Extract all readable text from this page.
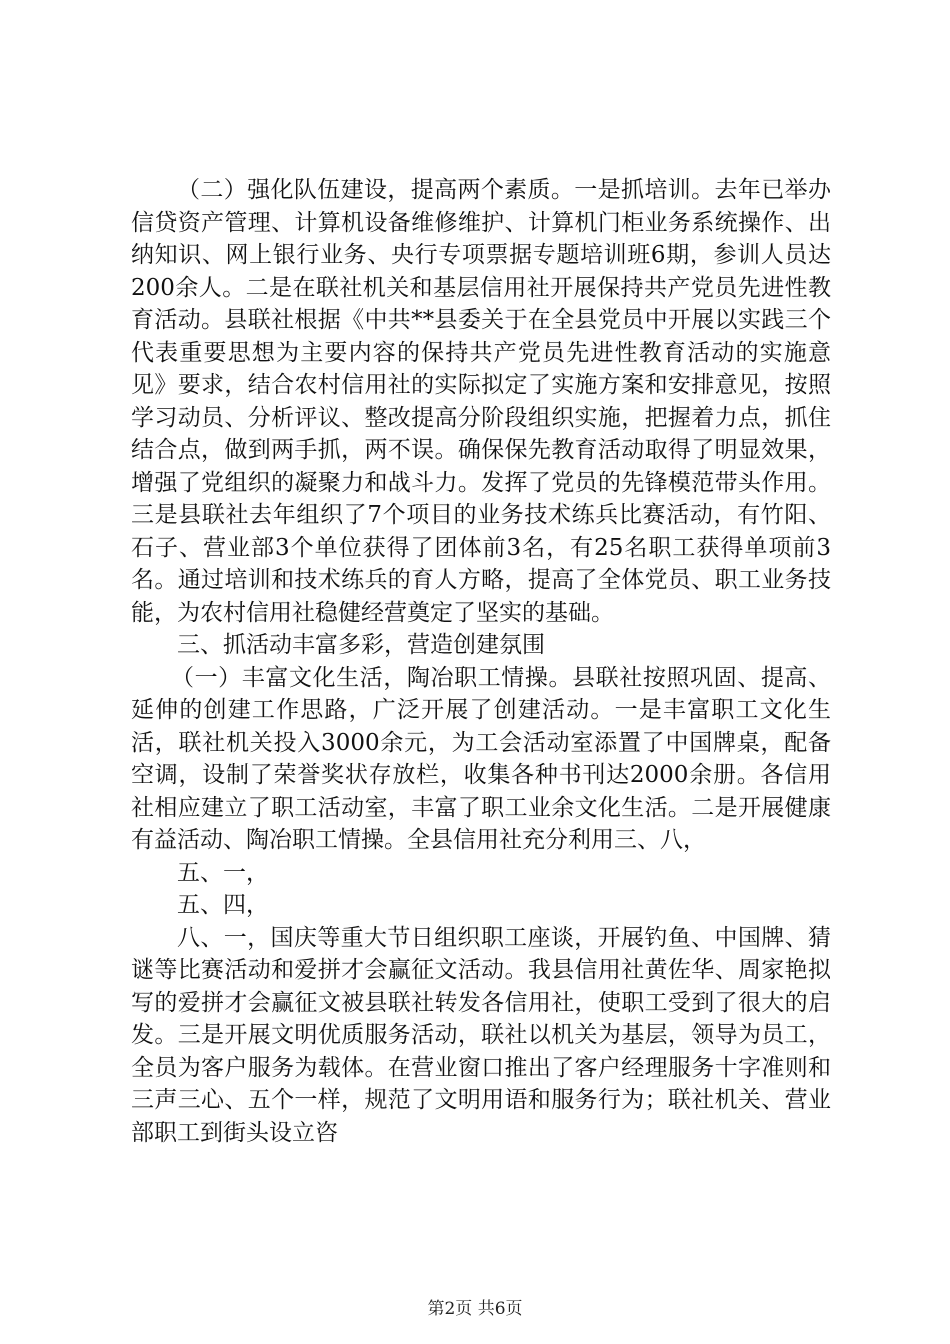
（二）强化队伍建设，提高两个素质。一是抓培训。去年已举办信贷资产管理、计算机设备维修维护、计算机门柜业务系统操作、出纳知识、网上银行业务、央行专项票据专题培训班6期，参训人员达200余人。二是在联社机关和基层信用社开展保持共产党员先进性教育活动。县联社根据《中共**县委关于在全县党员中开展以实践三个代表重要思想为主要内容的保持共产党员先进性教育活动的实施意见》要求，结合农村信用社的实际拟定了实施方案和安排意见，按照学习动员、分析评议、整改提高分阶段组织实施，把握着力点，抓住结合点，做到两手抓，两不误。确保保先教育活动取得了明显效果，增强了党组织的凝聚力和战斗力。发挥了党员的先锋模范带头作用。三是县联社去年组织了7个项目的业务技术练兵比赛活动，有竹阳、石子、营业部3个单位获得了团体前3名，有25名职工获得单项前3名。通过培训和技术练兵的育人方略，提高了全体党员、职工业务技能，为农村信用社稳健经营奠定了坚实的基础。

三、抓活动丰富多彩，营造创建氛围

（一）丰富文化生活，陶冶职工情操。县联社按照巩固、提高、延伸的创建工作思路，广泛开展了创建活动。一是丰富职工文化生活，联社机关投入3000余元，为工会活动室添置了中国牌桌，配备空调，设制了荣誉奖状存放栏，收集各种书刊达2000余册。各信用社相应建立了职工活动室，丰富了职工业余文化生活。二是开展健康有益活动、陶冶职工情操。全县信用社充分利用三、八，

五、一，

五、四，

八、一，国庆等重大节日组织职工座谈，开展钓鱼、中国牌、猜谜等比赛活动和爱拼才会赢征文活动。我县信用社黄佐华、周家艳拟写的爱拼才会赢征文被县联社转发各信用社，使职工受到了很大的启发。三是开展文明优质服务活动，联社以机关为基层，领导为员工，全员为客户服务为载体。在营业窗口推出了客户经理服务十字准则和三声三心、五个一样，规范了文明用语和服务行为；联社机关、营业部职工到街头设立咨

第2页 共6页
